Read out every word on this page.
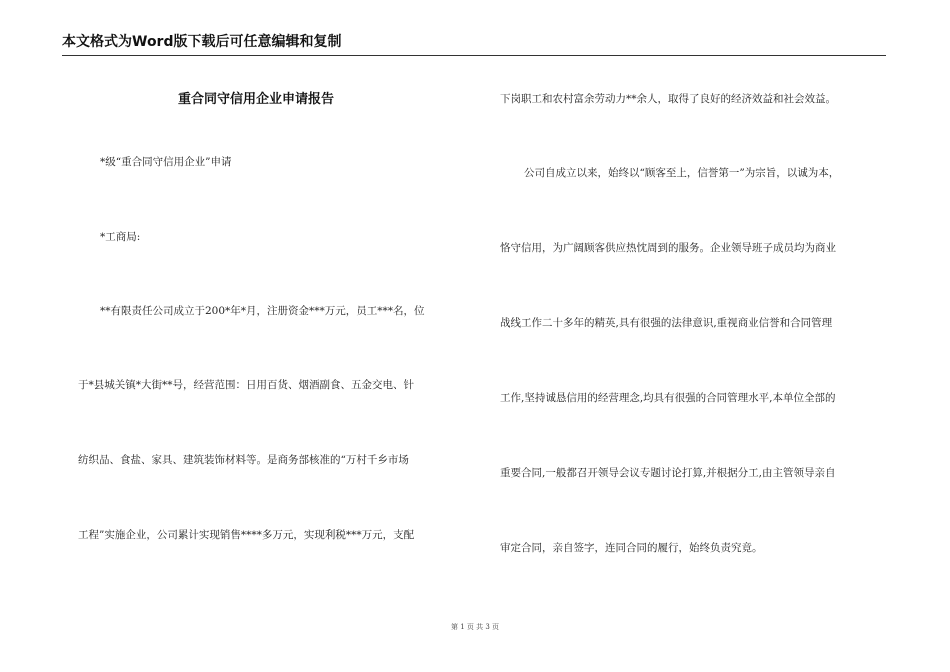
本文格式为Word版下载后可任意编辑和复制
重合同守信用企业申请报告
*级“重合同守信用企业”申请
*工商局:
**有限责任公司成立于200*年*月，注册资金***万元，员工***名，位
于*县城关镇*大街**号，经营范围：日用百货、烟酒副食、五金交电、针
纺织品、食盐、家具、建筑装饰材料等。是商务部核准的“万村千乡市场
工程”实施企业，公司累计实现销售****多万元，实现利税***万元，支配
下岗职工和农村富余劳动力**余人，取得了良好的经济效益和社会效益。
公司自成立以来，始终以“顾客至上，信誉第一”为宗旨，以诚为本，
恪守信用，为广阔顾客供应热忱周到的服务。企业领导班子成员均为商业
战线工作二十多年的精英,具有很强的法律意识,重视商业信誉和合同管理
工作,坚持诚恳信用的经营理念,均具有很强的合同管理水平,本单位全部的
重要合同,一般都召开领导会议专题讨论打算,并根据分工,由主管领导亲自
审定合同，亲自签字，连同合同的履行，始终负责究竟。
第 1 页 共 3 页
